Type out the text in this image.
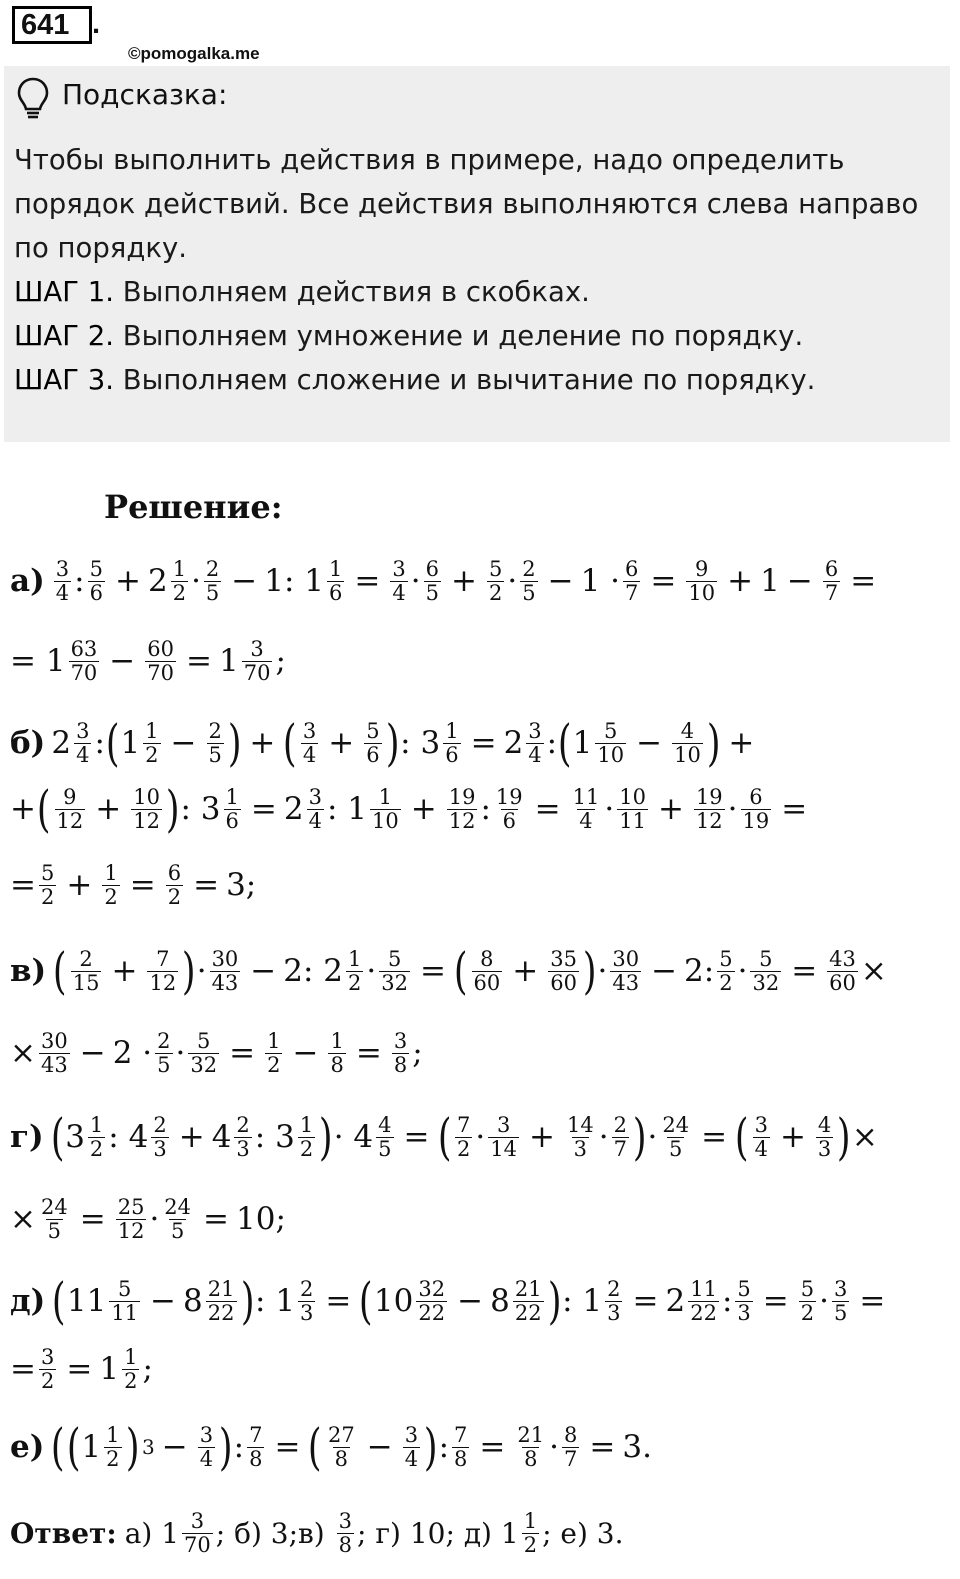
641 .
©pomogalka.me
Подсказка:

Чтобы выполнить действия в примере, надо определить порядок действий. Все действия выполняются слева направо по порядку.

ШАГ 1. Выполняем действия в скобках.

ШАГ 2. Выполняем умножение и деление по порядку.

ШАГ 3. Выполняем сложение и вычитание по порядку.

Решение:
а) 3
4 : 5
$6 + 2 \frac{1}{2} \cdot 2$
5 − 1: $1 \frac{1}{6} = \frac{3}{4} \cdot 6$
$5 + \frac{5}{2} \cdot 2$
$5 - 1 \cdot \frac{6}{7} = \frac{9}{10} + 1 - \frac{6}{7}$ =
= 1 63
$70 - \frac{60}{70} = 1 \frac{3}{70}$ ;
б) 2 3
4 : ( 1 1
$2 - \frac{2}{5}$ ) + ( 3
$4 + \frac{5}{6}$ ) : $3 \frac{1}{6} = 2 \frac{3}{4}$ : ( 1 5
$10 - \frac{4}{10}$ ) +
+ ( 9
$12 + \frac{10}{12}$ ) : $3 \frac{1}{6} = 2 \frac{3}{4}$ : 1 1
$10 + \frac{19}{12}$ : $\frac{19}{6} = \frac{11}{4} \cdot 10$
$11 + \frac{19}{12} \cdot \frac{6}{19}$ =
= 5
$2 + \frac{1}{2} = \frac{6}{2} = 3$;
в) ( 2
$15 + \frac{7}{12}$ ) · 30
43 − 2: $2 \frac{1}{2} \cdot \frac{5}{32}$ = ( 8
$60 + \frac{35}{60}$ ) · 30
43 − 2: $\frac{5}{2} \cdot \frac{5}{32} = \frac{43}{60}$ ×
× 30
$43 - 2 \cdot \frac{2}{5} \cdot \frac{5}{32} = \frac{1}{2} - \frac{1}{8} = \frac{3}{8}$ ;
г) ( 3 1
2 : 4 2
$3 + 4 \frac{2}{3}$ : 3 1
2 ) · $4 \frac{4}{5}$ = ( 7
2 · 3
$14 + \frac{14}{3} \cdot 2$
7 ) · $\frac{24}{5}$ = ( 3
$4 + \frac{4}{3}$ ) ×
× $\frac{24}{5} = \frac{25}{12} \cdot \frac{24}{5} = 10$;
д) ( 11 5
$11 - 8 \frac{21}{22}$ ) : $1 \frac{2}{3}$ = ( 10 32
$22 - 8 \frac{21}{22}$ ) : $1 \frac{2}{3} = 2 \frac{11}{22}$ : $\frac{5}{3} = \frac{5}{2} \cdot \frac{3}{5}$ =
= $\frac{3}{2} = 1 \frac{1}{2}$ ;
е) ( ( 1 1
2 ) $3 - \frac{3}{4}$ ) : $\frac{7}{8}$ = ( 27
$8 - \frac{3}{4}$ ) : $\frac{7}{8} = \frac{21}{8} \cdot \frac{8}{7} = 3$.
Ответ: а) 1 3
70 ; б) 3; в)
3
8 ; г) 10;
д) 1 1
2 ; е) 3.
